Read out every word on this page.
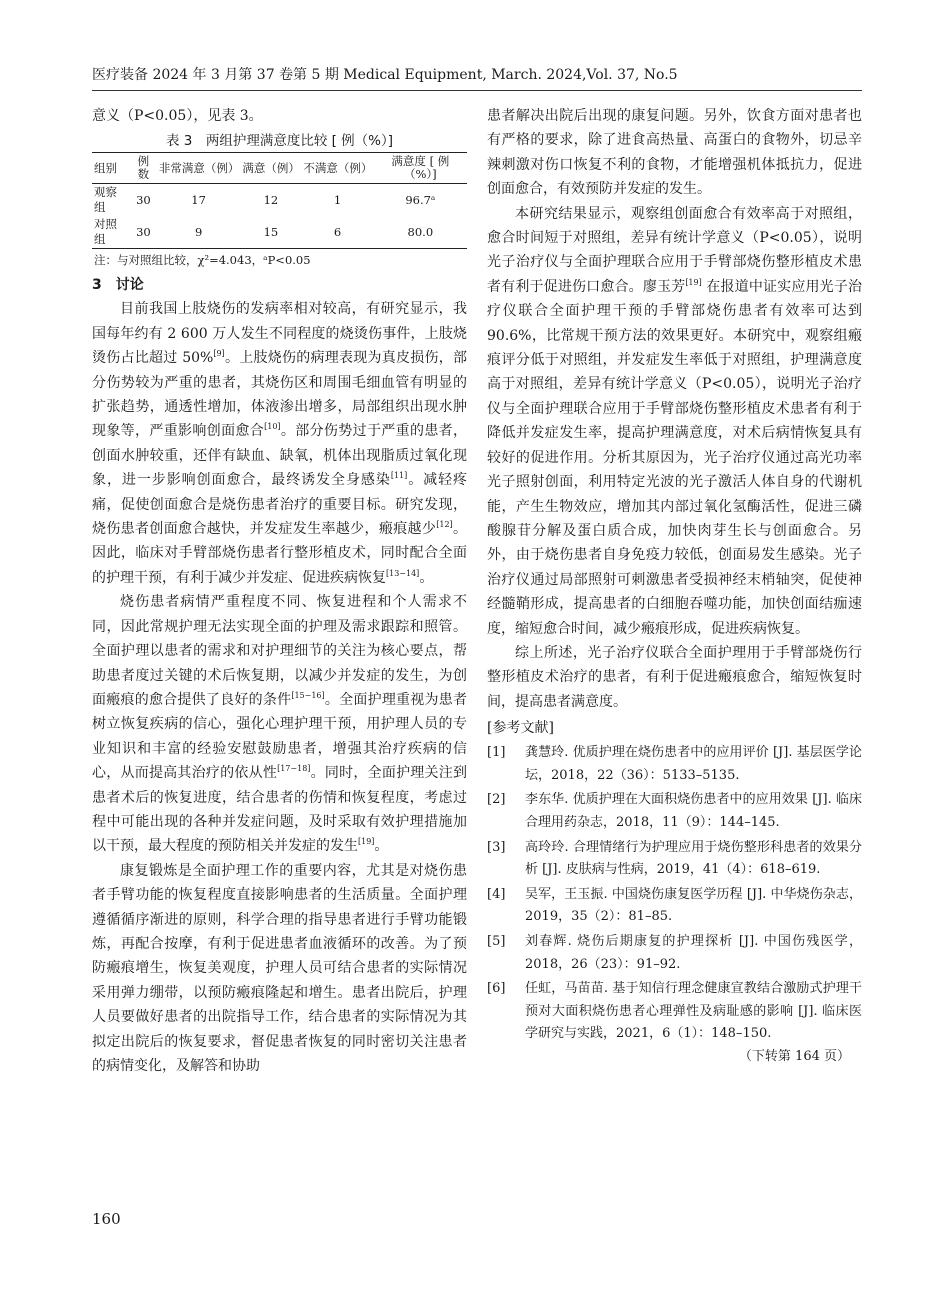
医疗装备 2024 年 3 月第 37 卷第 5 期 Medical Equipment, March. 2024,Vol. 37, No.5

意义（P<0.05），见表 3。

表 3　两组护理满意度比较 [ 例（%）]
组别	例数	非常满意（例）	满意（例）	不满意（例）	满意度 [ 例（%）]
观察组	30	17	12	1	96.7ᵃ
对照组	30	9	15	6	80.0
注：与对照组比较，χ²=4.043，ᵃP<0.05
3　讨论

目前我国上肢烧伤的发病率相对较高，有研究显示，我国每年约有 2 600 万人发生不同程度的烧烫伤事件，上肢烧烫伤占比超过 50%[9]。上肢烧伤的病理表现为真皮损伤，部分伤势较为严重的患者，其烧伤区和周围毛细血管有明显的扩张趋势，通透性增加，体液渗出增多，局部组织出现水肿现象等，严重影响创面愈合[10]。部分伤势过于严重的患者，创面水肿较重，还伴有缺血、缺氧，机体出现脂质过氧化现象，进一步影响创面愈合，最终诱发全身感染[11]。减轻疼痛，促使创面愈合是烧伤患者治疗的重要目标。研究发现，烧伤患者创面愈合越快，并发症发生率越少，瘢痕越少[12]。因此，临床对手臂部烧伤患者行整形植皮术，同时配合全面的护理干预，有利于减少并发症、促进疾病恢复[13−14]。

烧伤患者病情严重程度不同、恢复进程和个人需求不同，因此常规护理无法实现全面的护理及需求跟踪和照管。全面护理以患者的需求和对护理细节的关注为核心要点，帮助患者度过关键的术后恢复期，以减少并发症的发生，为创面瘢痕的愈合提供了良好的条件[15−16]。全面护理重视为患者树立恢复疾病的信心，强化心理护理干预，用护理人员的专业知识和丰富的经验安慰鼓励患者，增强其治疗疾病的信心，从而提高其治疗的依从性[17−18]。同时，全面护理关注到患者术后的恢复进度，结合患者的伤情和恢复程度，考虑过程中可能出现的各种并发症问题，及时采取有效护理措施加以干预，最大程度的预防相关并发症的发生[19]。

康复锻炼是全面护理工作的重要内容，尤其是对烧伤患者手臂功能的恢复程度直接影响患者的生活质量。全面护理遵循循序渐进的原则，科学合理的指导患者进行手臂功能锻炼，再配合按摩，有利于促进患者血液循环的改善。为了预防瘢痕增生，恢复美观度，护理人员可结合患者的实际情况采用弹力绷带，以预防瘢痕隆起和增生。患者出院后，护理人员要做好患者的出院指导工作，结合患者的实际情况为其拟定出院后的恢复要求，督促患者恢复的同时密切关注患者的病情变化，及解答和协助

患者解决出院后出现的康复问题。另外，饮食方面对患者也有严格的要求，除了进食高热量、高蛋白的食物外，切忌辛辣刺激对伤口恢复不利的食物，才能增强机体抵抗力，促进创面愈合，有效预防并发症的发生。

本研究结果显示，观察组创面愈合有效率高于对照组，愈合时间短于对照组，差异有统计学意义（P<0.05），说明光子治疗仪与全面护理联合应用于手臂部烧伤整形植皮术患者有利于促进伤口愈合。廖玉芳[19] 在报道中证实应用光子治疗仪联合全面护理干预的手臂部烧伤患者有效率可达到 90.6%，比常规干预方法的效果更好。本研究中，观察组瘢痕评分低于对照组，并发症发生率低于对照组，护理满意度高于对照组，差异有统计学意义（P<0.05），说明光子治疗仪与全面护理联合应用于手臂部烧伤整形植皮术患者有利于降低并发症发生率，提高护理满意度，对术后病情恢复具有较好的促进作用。分析其原因为，光子治疗仪通过高光功率光子照射创面，利用特定光波的光子激活人体自身的代谢机能，产生生物效应，增加其内部过氧化氢酶活性，促进三磷酸腺苷分解及蛋白质合成，加快肉芽生长与创面愈合。另外，由于烧伤患者自身免疫力较低，创面易发生感染。光子治疗仪通过局部照射可刺激患者受损神经末梢轴突，促使神经髓鞘形成，提高患者的白细胞吞噬功能，加快创面结痂速度，缩短愈合时间，减少瘢痕形成，促进疾病恢复。

综上所述，光子治疗仪联合全面护理用于手臂部烧伤行整形植皮术治疗的患者，有利于促进瘢痕愈合，缩短恢复时间，提高患者满意度。

[参考文献]
[1]	龚慧玲. 优质护理在烧伤患者中的应用评价 [J]. 基层医学论坛，2018，22（36）：5133–5135.
[2]	李东华. 优质护理在大面积烧伤患者中的应用效果 [J]. 临床合理用药杂志，2018，11（9）：144–145.
[3]	高玲玲. 合理情绪行为护理应用于烧伤整形科患者的效果分析 [J]. 皮肤病与性病，2019，41（4）：618–619.
[4]	吴军，王玉振. 中国烧伤康复医学历程 [J]. 中华烧伤杂志，2019，35（2）：81–85.
[5]	刘春辉. 烧伤后期康复的护理探析 [J]. 中国伤残医学，2018，26（23）：91–92.
[6]	任虹，马苗苗. 基于知信行理念健康宣教结合激励式护理干预对大面积烧伤患者心理弹性及病耻感的影响 [J]. 临床医学研究与实践，2021，6（1）：148–150.
（下转第 164 页）
160
